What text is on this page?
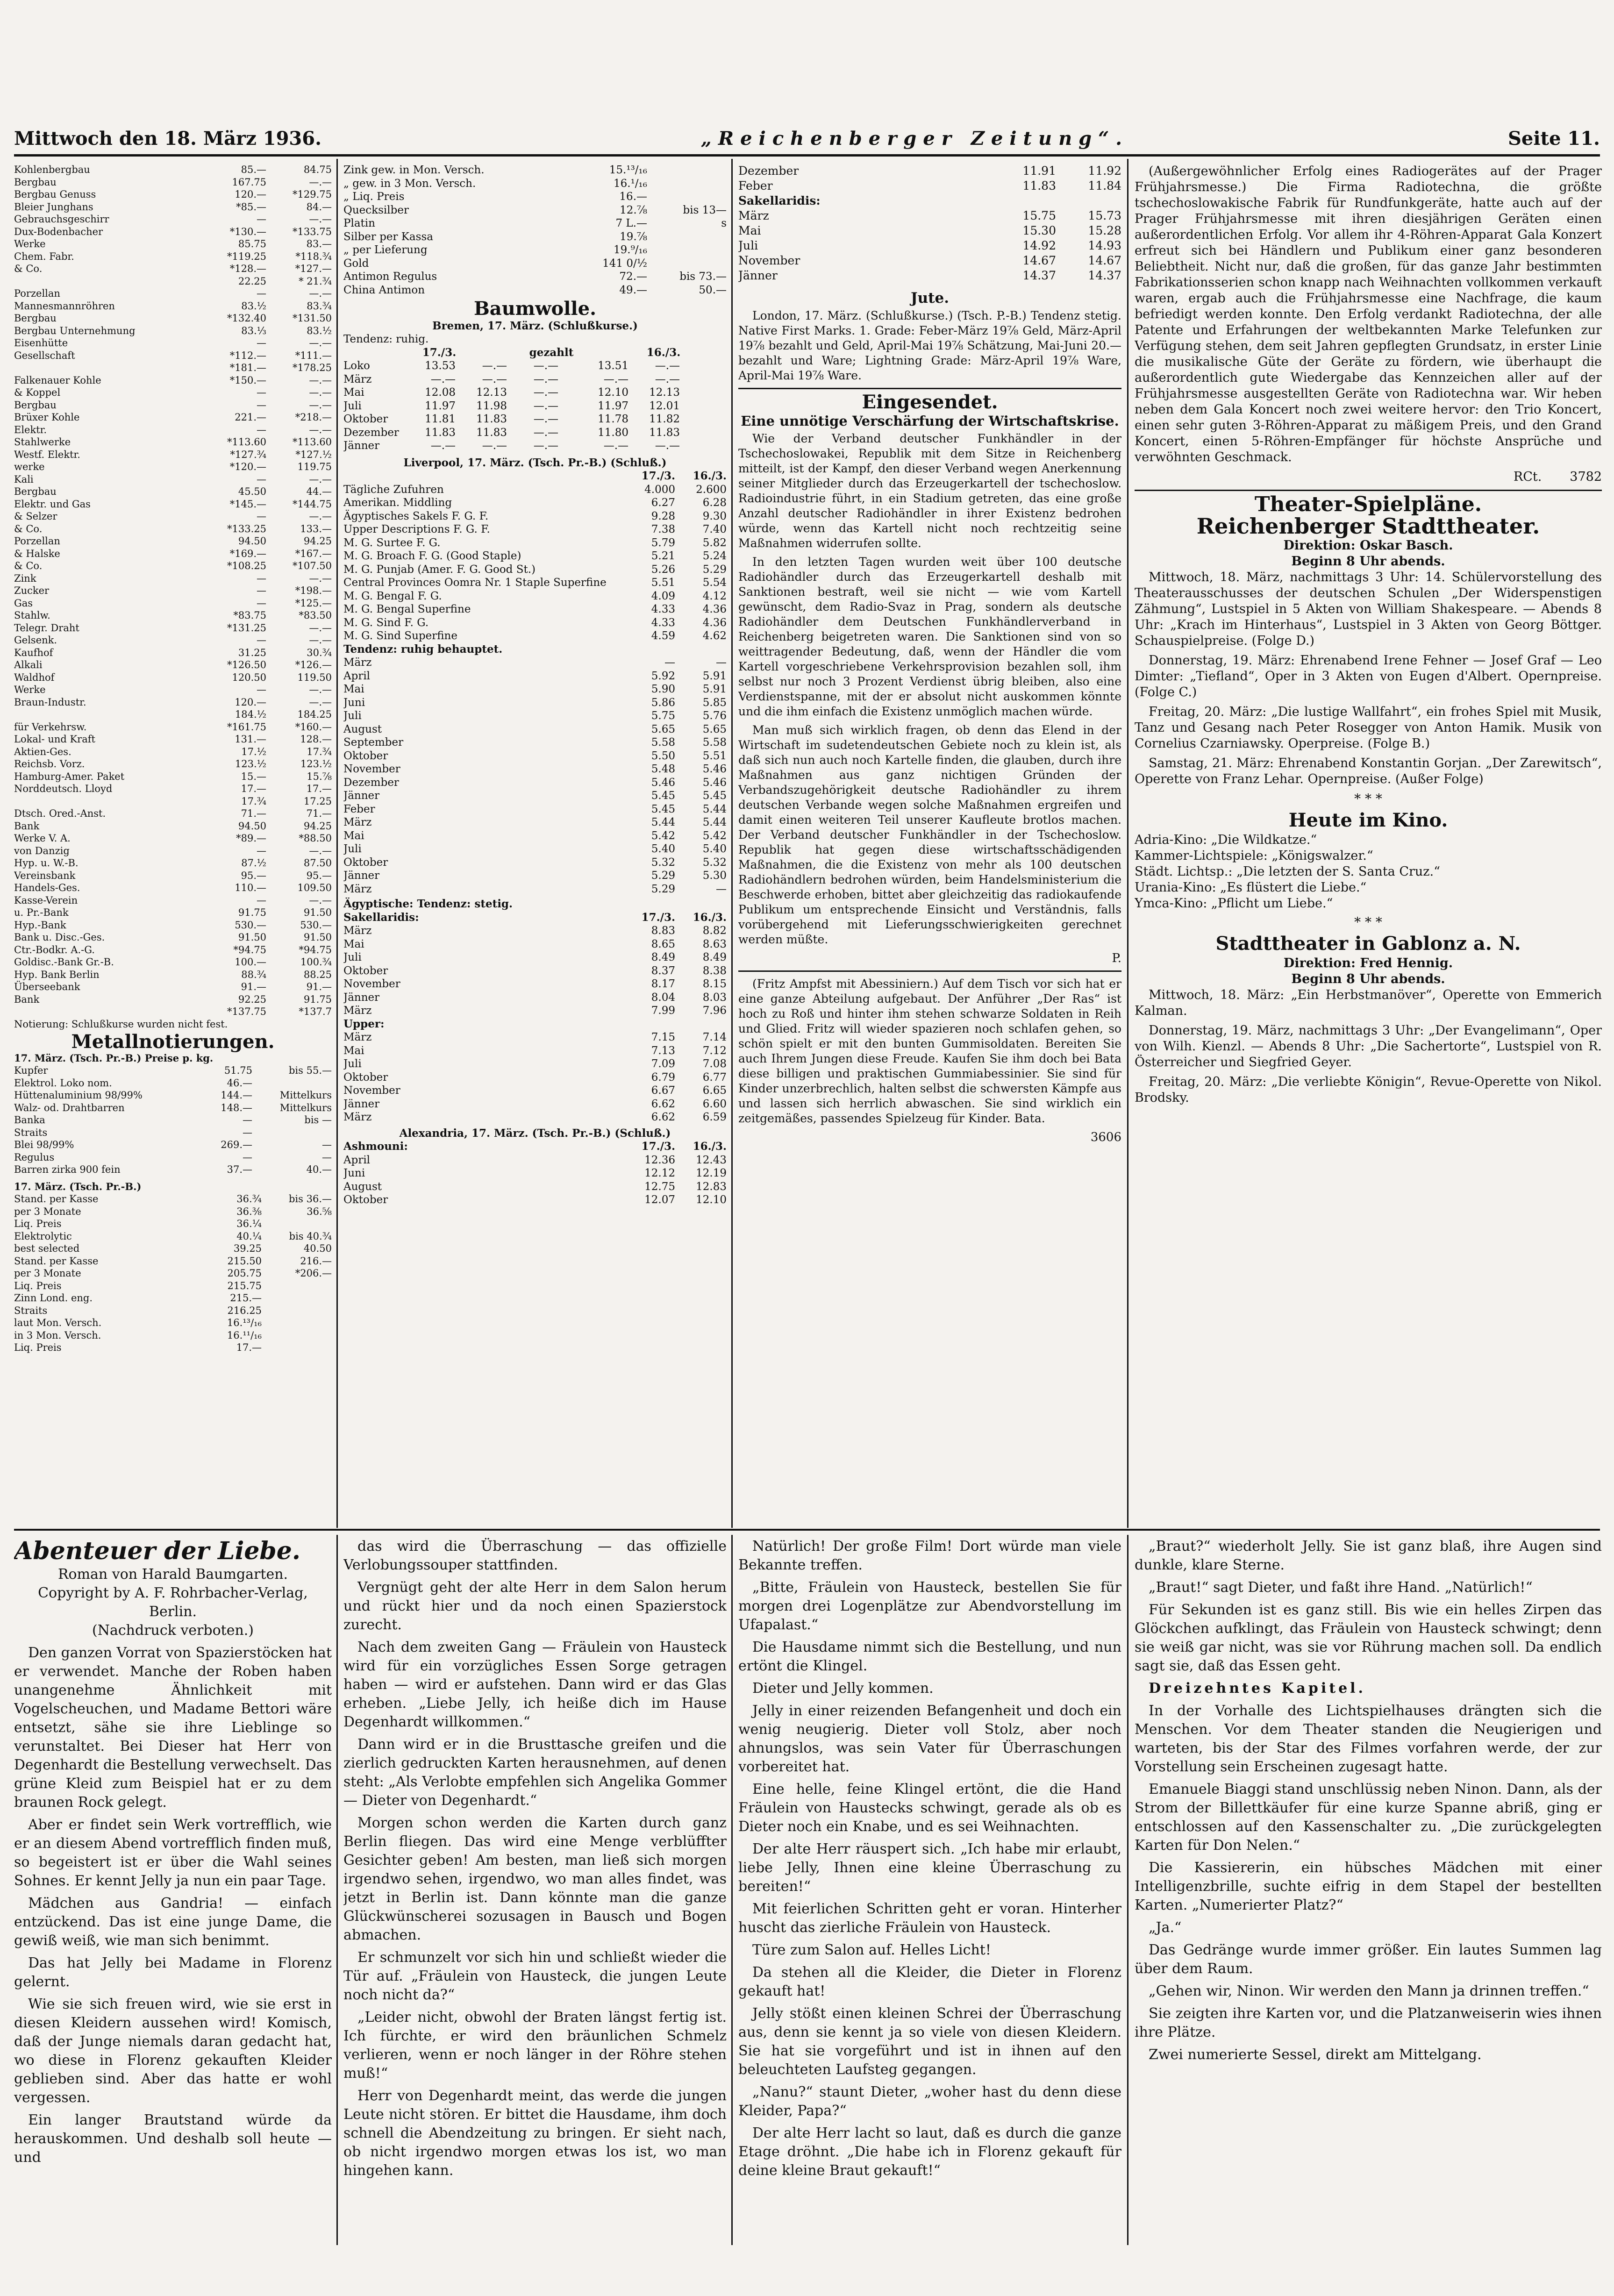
Mittwoch den 18. März 1936.	„Reichenberger Zeitung“.	Seite 11.
Kohlenbergbau	85.—	84.75
Bergbau	167.75	—.—
Bergbau Genuss	120.—	*129.75
Bleier Junghans	*85.—	84.—
Gebrauchsgeschirr	—	—.—
Dux-Bodenbacher	*130.—	*133.75
Werke	85.75	83.—
Chem. Fabr.	*119.25	*118.¾
& Co.	*128.—	*127.—
22.25	* 21.¾
Porzellan	—	—.—
Mannesmannröhren	83.½	83.¾
Bergbau	*132.40	*131.50
Bergbau Unternehmung	83.⅓	83.½
Eisenhütte	—	—.—
Gesellschaft	*112.—	*111.—
*181.—	*178.25
Falkenauer Kohle	*150.—	—.—
& Koppel	—	—.—
Bergbau	—	—.—
Brüxer Kohle	221.—	*218.—
Elektr.	—	—.—
Stahlwerke	*113.60	*113.60
Westf. Elektr.	*127.¾	*127.½
werke	*120.—	119.75
Kali	—	—.—
Bergbau	45.50	44.—
Elektr. und Gas	*145.—	*144.75
& Selzer	—	—.—
& Co.	*133.25	133.—
Porzellan	94.50	94.25
& Halske	*169.—	*167.—
& Co.	*108.25	*107.50
Zink	—	—.—
Zucker	—	*198.—
Gas	—	*125.—
Stahlw.	*83.75	*83.50
Telegr. Draht	*131.25	—.—
Gelsenk.	—	—.—
Kaufhof	31.25	30.¾
Alkali	*126.50	*126.—
Waldhof	120.50	119.50
Werke	—	—.—
Braun-Industr.	120.—	—.—
184.½	184.25
für Verkehrsw.	*161.75	*160.—
Lokal- und Kraft	131.—	128.—
Aktien-Ges.	17.½	17.¾
Reichsb. Vorz.	123.½	123.½
Hamburg-Amer. Paket	15.—	15.⅞
Norddeutsch. Lloyd	17.—	17.—
17.¾	17.25
Dtsch. Ored.-Anst.	71.—	71.—
Bank	94.50	94.25
Werke V. A.	*89.—	*88.50
von Danzig	—	—.—
Hyp. u. W.-B.	87.½	87.50
Vereinsbank	95.—	95.—
Handels-Ges.	110.—	109.50
Kasse-Verein	—	—.—
u. Pr.-Bank	91.75	91.50
Hyp.-Bank	530.—	530.—
Bank u. Disc.-Ges.	91.50	91.50
Ctr.-Bodkr. A.-G.	*94.75	*94.75
Goldisc.-Bank Gr.-B.	100.—	100.¾
Hyp. Bank Berlin	88.¾	88.25
Überseebank	91.—	91.—
Bank	92.25	91.75
*137.75	*137.7
Notierung: Schlußkurse wurden nicht fest.
Metallnotierungen.
17. März. (Tsch. Pr.-B.) Preise p. kg.
Kupfer	51.75	bis 55.—
Elektrol. Loko nom.	46.—
Hüttenaluminium 98/99%	144.—	Mittelkurs
Walz- od. Drahtbarren	148.—	Mittelkurs
Banka	—	bis —
Straits	—
Blei 98/99%	269.—	—
Regulus	—	—
Barren zirka 900 fein	37.—	40.—
17. März. (Tsch. Pr.-B.)
Stand. per Kasse	36.¾	bis 36.—
per 3 Monate	36.⅜	36.⅝
Liq. Preis	36.¼
Elektrolytic	40.¼	bis 40.¾
best selected	39.25	40.50
Stand. per Kasse	215.50	216.—
per 3 Monate	205.75	*206.—
Liq. Preis	215.75
Zinn Lond. eng.	215.—
Straits	216.25
laut Mon. Versch.	16.¹³/₁₆
in 3 Mon. Versch.	16.¹¹/₁₆
Liq. Preis	17.—
Zink gew. in Mon. Versch.	15.¹³/₁₆
„ gew. in 3 Mon. Versch.	16.¹/₁₆
„ Liq. Preis	16.—
Quecksilber	12.⅞	bis 13—
Platin	7 L.—	s
Silber per Kassa	19.⅞
„ per Lieferung	19.⁹/₁₆
Gold	141 0/½
Antimon Regulus	72.—	bis 73.—
China Antimon	49.—	50.—
Baumwolle.
Bremen, 17. März. (Schlußkurse.)
Tendenz: ruhig.
17./3.	gezahlt	16./3.
Loko	13.53	—.—	—.—	13.51	—.—
März	—.—	—.—	—.—	—.—	—.—
Mai	12.08	12.13	—.—	12.10	12.13
Juli	11.97	11.98	—.—	11.97	12.01
Oktober	11.81	11.83	—.—	11.78	11.82
Dezember	11.83	11.83	—.—	11.80	11.83
Jänner	—.—	—.—	—.—	—.—	—.—
Liverpool, 17. März. (Tsch. Pr.-B.) (Schluß.)
17./3.	16./3.
Tägliche Zufuhren	4.000	2.600
Amerikan. Middling	6.27	6.28
Ägyptisches Sakels F. G. F.	9.28	9.30
Upper Descriptions F. G. F.	7.38	7.40
M. G. Surtee F. G.	5.79	5.82
M. G. Broach F. G. (Good Staple)	5.21	5.24
M. G. Punjab (Amer. F. G. Good St.)	5.26	5.29
Central Provinces Oomra Nr. 1 Staple Superfine	5.51	5.54
M. G. Bengal F. G.	4.09	4.12
M. G. Bengal Superfine	4.33	4.36
M. G. Sind F. G.	4.33	4.36
M. G. Sind Superfine	4.59	4.62
Tendenz: ruhig behauptet.
März	—	—
April	5.92	5.91
Mai	5.90	5.91
Juni	5.86	5.85
Juli	5.75	5.76
August	5.65	5.65
September	5.58	5.58
Oktober	5.50	5.51
November	5.48	5.46
Dezember	5.46	5.46
Jänner	5.45	5.45
Feber	5.45	5.44
März	5.44	5.44
Mai	5.42	5.42
Juli	5.40	5.40
Oktober	5.32	5.32
Jänner	5.29	5.30
März	5.29	—
Ägyptische: Tendenz: stetig.
Sakellaridis:	17./3.	16./3.
März	8.83	8.82
Mai	8.65	8.63
Juli	8.49	8.49
Oktober	8.37	8.38
November	8.17	8.15
Jänner	8.04	8.03
März	7.99	7.96
Upper:
März	7.15	7.14
Mai	7.13	7.12
Juli	7.09	7.08
Oktober	6.79	6.77
November	6.67	6.65
Jänner	6.62	6.60
März	6.62	6.59
Alexandria, 17. März. (Tsch. Pr.-B.) (Schluß.)
Ashmouni:	17./3.	16./3.
April	12.36	12.43
Juni	12.12	12.19
August	12.75	12.83
Oktober	12.07	12.10
Dezember	11.91	11.92
Feber	11.83	11.84
Sakellaridis:
März	15.75	15.73
Mai	15.30	15.28
Juli	14.92	14.93
November	14.67	14.67
Jänner	14.37	14.37
Jute.

London, 17. März. (Schlußkurse.) (Tsch. P.-B.) Tendenz stetig. Native First Marks. 1. Grade: Feber-März 19⅞ Geld, März-April 19⅞ bezahlt und Geld, April-Mai 19⅞ Schätzung, Mai-Juni 20.— bezahlt und Ware; Lightning Grade: März-April 19⅞ Ware, April-Mai 19⅞ Ware.

Eingesendet.
Eine unnötige Verschärfung der Wirtschaftskrise.

Wie der Verband deutscher Funkhändler in der Tschechoslowakei, Republik mit dem Sitze in Reichenberg mitteilt, ist der Kampf, den dieser Verband wegen Anerkennung seiner Mitglieder durch das Erzeugerkartell der tschechoslow. Radioindustrie führt, in ein Stadium getreten, das eine große Anzahl deutscher Radiohändler in ihrer Existenz bedrohen würde, wenn das Kartell nicht noch rechtzeitig seine Maßnahmen widerrufen sollte.

In den letzten Tagen wurden weit über 100 deutsche Radiohändler durch das Erzeugerkartell deshalb mit Sanktionen bestraft, weil sie nicht — wie vom Kartell gewünscht, dem Radio-Svaz in Prag, sondern als deutsche Radiohändler dem Deutschen Funkhändlerverband in Reichenberg beigetreten waren. Die Sanktionen sind von so weittragender Bedeutung, daß, wenn der Händler die vom Kartell vorgeschriebene Verkehrsprovision bezahlen soll, ihm selbst nur noch 3 Prozent Verdienst übrig bleiben, also eine Verdienstspanne, mit der er absolut nicht auskommen könnte und die ihm einfach die Existenz unmöglich machen würde.

Man muß sich wirklich fragen, ob denn das Elend in der Wirtschaft im sudetendeutschen Gebiete noch zu klein ist, als daß sich nun auch noch Kartelle finden, die glauben, durch ihre Maßnahmen aus ganz nichtigen Gründen der Verbandszugehörigkeit deutsche Radiohändler zu ihrem deutschen Verbande wegen solche Maßnahmen ergreifen und damit einen weiteren Teil unserer Kaufleute brotlos machen. Der Verband deutscher Funkhändler in der Tschechoslow. Republik hat gegen diese wirtschaftsschädigenden Maßnahmen, die die Existenz von mehr als 100 deutschen Radiohändlern bedrohen würden, beim Handelsministerium die Beschwerde erhoben, bittet aber gleichzeitig das radiokaufende Publikum um entsprechende Einsicht und Verständnis, falls vorübergehend mit Lieferungsschwierigkeiten gerechnet werden müßte.

P.

(Fritz Ampfst mit Abessiniern.) Auf dem Tisch vor sich hat er eine ganze Abteilung aufgebaut. Der Anführer „Der Ras“ ist hoch zu Roß und hinter ihm stehen schwarze Soldaten in Reih und Glied. Fritz will wieder spazieren noch schlafen gehen, so schön spielt er mit den bunten Gummisoldaten. Bereiten Sie auch Ihrem Jungen diese Freude. Kaufen Sie ihm doch bei Bata diese billigen und praktischen Gummiabessinier. Sie sind für Kinder unzerbrechlich, halten selbst die schwersten Kämpfe aus und lassen sich herrlich abwaschen. Sie sind wirklich ein zeitgemäßes, passendes Spielzeug für Kinder. Bata.

3606

(Außergewöhnlicher Erfolg eines Radiogerätes auf der Prager Frühjahrsmesse.) Die Firma Radiotechna, die größte tschechoslowakische Fabrik für Rundfunkgeräte, hatte auch auf der Prager Frühjahrsmesse mit ihren diesjährigen Geräten einen außerordentlichen Erfolg. Vor allem ihr 4-Röhren-Apparat Gala Konzert erfreut sich bei Händlern und Publikum einer ganz besonderen Beliebtheit. Nicht nur, daß die großen, für das ganze Jahr bestimmten Fabrikationsserien schon knapp nach Weihnachten vollkommen verkauft waren, ergab auch die Frühjahrsmesse eine Nachfrage, die kaum befriedigt werden konnte. Den Erfolg verdankt Radiotechna, der alle Patente und Erfahrungen der weltbekannten Marke Telefunken zur Verfügung stehen, dem seit Jahren gepflegten Grundsatz, in erster Linie die musikalische Güte der Geräte zu fördern, wie überhaupt die außerordentlich gute Wiedergabe das Kennzeichen aller auf der Frühjahrsmesse ausgestellten Geräte von Radiotechna war. Wir heben neben dem Gala Koncert noch zwei weitere hervor: den Trio Koncert, einen sehr guten 3-Röhren-Apparat zu mäßigem Preis, und den Grand Koncert, einen 5-Röhren-Empfänger für höchste Ansprüche und verwöhnten Geschmack.

RCt. 3782
Theater-Spielpläne.
Reichenberger Stadttheater.
Direktion: Oskar Basch.
Beginn 8 Uhr abends.

Mittwoch, 18. März, nachmittags 3 Uhr: 14. Schülervorstellung des Theaterausschusses der deutschen Schulen „Der Widerspenstigen Zähmung“, Lustspiel in 5 Akten von William Shakespeare. — Abends 8 Uhr: „Krach im Hinterhaus“, Lustspiel in 3 Akten von Georg Böttger. Schauspielpreise. (Folge D.)

Donnerstag, 19. März: Ehrenabend Irene Fehner — Josef Graf — Leo Dimter: „Tiefland“, Oper in 3 Akten von Eugen d'Albert. Opernpreise. (Folge C.)

Freitag, 20. März: „Die lustige Wallfahrt“, ein frohes Spiel mit Musik, Tanz und Gesang nach Peter Rosegger von Anton Hamik. Musik von Cornelius Czarniawsky. Operpreise. (Folge B.)

Samstag, 21. März: Ehrenabend Konstantin Gorjan. „Der Zarewitsch“, Operette von Franz Lehar. Opernpreise. (Außer Folge)

* * *
Heute im Kino.
Adria-Kino: „Die Wildkatze.“
Kammer-Lichtspiele: „Königswalzer.“
Städt. Lichtsp.: „Die letzten der S. Santa Cruz.“
Urania-Kino: „Es flüstert die Liebe.“
Ymca-Kino: „Pflicht um Liebe.“
* * *
Stadttheater in Gablonz a. N.
Direktion: Fred Hennig.
Beginn 8 Uhr abends.

Mittwoch, 18. März: „Ein Herbstmanöver“, Operette von Emmerich Kalman.

Donnerstag, 19. März, nachmittags 3 Uhr: „Der Evangelimann“, Oper von Wilh. Kienzl. — Abends 8 Uhr: „Die Sachertorte“, Lustspiel von R. Österreicher und Siegfried Geyer.

Freitag, 20. März: „Die verliebte Königin“, Revue-Operette von Nikol. Brodsky.

Abenteuer der Liebe.
Roman von Harald Baumgarten.
Copyright by A. F. Rohrbacher-Verlag, Berlin.
(Nachdruck verboten.)

Den ganzen Vorrat von Spazierstöcken hat er verwendet. Manche der Roben haben unangenehme Ähnlichkeit mit Vogelscheuchen, und Madame Bettori wäre entsetzt, sähe sie ihre Lieblinge so verunstaltet. Bei Dieser hat Herr von Degenhardt die Bestellung verwechselt. Das grüne Kleid zum Beispiel hat er zu dem braunen Rock gelegt.

Aber er findet sein Werk vortrefflich, wie er an diesem Abend vortrefflich finden muß, so begeistert ist er über die Wahl seines Sohnes. Er kennt Jelly ja nun ein paar Tage.

Mädchen aus Gandria! — einfach entzückend. Das ist eine junge Dame, die gewiß weiß, wie man sich benimmt.

Das hat Jelly bei Madame in Florenz gelernt.

Wie sie sich freuen wird, wie sie erst in diesen Kleidern aussehen wird! Komisch, daß der Junge niemals daran gedacht hat, wo diese in Florenz gekauften Kleider geblieben sind. Aber das hatte er wohl vergessen.

Ein langer Brautstand würde da herauskommen. Und deshalb soll heute — und

das wird die Überraschung — das offizielle Verlobungssouper stattfinden.

Vergnügt geht der alte Herr in dem Salon herum und rückt hier und da noch einen Spazierstock zurecht.

Nach dem zweiten Gang — Fräulein von Hausteck wird für ein vorzügliches Essen Sorge getragen haben — wird er aufstehen. Dann wird er das Glas erheben. „Liebe Jelly, ich heiße dich im Hause Degenhardt willkommen.“

Dann wird er in die Brusttasche greifen und die zierlich gedruckten Karten herausnehmen, auf denen steht: „Als Verlobte empfehlen sich Angelika Gommer — Dieter von Degenhardt.“

Morgen schon werden die Karten durch ganz Berlin fliegen. Das wird eine Menge verblüffter Gesichter geben! Am besten, man ließ sich morgen irgendwo sehen, irgendwo, wo man alles findet, was jetzt in Berlin ist. Dann könnte man die ganze Glückwünscherei sozusagen in Bausch und Bogen abmachen.

Er schmunzelt vor sich hin und schließt wieder die Tür auf. „Fräulein von Hausteck, die jungen Leute noch nicht da?“

„Leider nicht, obwohl der Braten längst fertig ist. Ich fürchte, er wird den bräunlichen Schmelz verlieren, wenn er noch länger in der Röhre stehen muß!“

Herr von Degenhardt meint, das werde die jungen Leute nicht stören. Er bittet die Hausdame, ihm doch schnell die Abendzeitung zu bringen. Er sieht nach, ob nicht irgendwo morgen etwas los ist, wo man hingehen kann.

Natürlich! Der große Film! Dort würde man viele Bekannte treffen.

„Bitte, Fräulein von Hausteck, bestellen Sie für morgen drei Logenplätze zur Abendvorstellung im Ufapalast.“

Die Hausdame nimmt sich die Bestellung, und nun ertönt die Klingel.

Dieter und Jelly kommen.

Jelly in einer reizenden Befangenheit und doch ein wenig neugierig. Dieter voll Stolz, aber noch ahnungslos, was sein Vater für Überraschungen vorbereitet hat.

Eine helle, feine Klingel ertönt, die die Hand Fräulein von Haustecks schwingt, gerade als ob es Dieter noch ein Knabe, und es sei Weihnachten.

Der alte Herr räuspert sich. „Ich habe mir erlaubt, liebe Jelly, Ihnen eine kleine Überraschung zu bereiten!“

Mit feierlichen Schritten geht er voran. Hinterher huscht das zierliche Fräulein von Hausteck.

Türe zum Salon auf. Helles Licht!

Da stehen all die Kleider, die Dieter in Florenz gekauft hat!

Jelly stößt einen kleinen Schrei der Überraschung aus, denn sie kennt ja so viele von diesen Kleidern. Sie hat sie vorgeführt und ist in ihnen auf den beleuchteten Laufsteg gegangen.

„Nanu?“ staunt Dieter, „woher hast du denn diese Kleider, Papa?“

Der alte Herr lacht so laut, daß es durch die ganze Etage dröhnt. „Die habe ich in Florenz gekauft für deine kleine Braut gekauft!“

„Braut?“ wiederholt Jelly. Sie ist ganz blaß, ihre Augen sind dunkle, klare Sterne.

„Braut!“ sagt Dieter, und faßt ihre Hand. „Natürlich!“

Für Sekunden ist es ganz still. Bis wie ein helles Zirpen das Glöckchen aufklingt, das Fräulein von Hausteck schwingt; denn sie weiß gar nicht, was sie vor Rührung machen soll. Da endlich sagt sie, daß das Essen geht.

Dreizehntes Kapitel.

In der Vorhalle des Lichtspielhauses drängten sich die Menschen. Vor dem Theater standen die Neugierigen und warteten, bis der Star des Filmes vorfahren werde, der zur Vorstellung sein Erscheinen zugesagt hatte.

Emanuele Biaggi stand unschlüssig neben Ninon. Dann, als der Strom der Billettkäufer für eine kurze Spanne abriß, ging er entschlossen auf den Kassenschalter zu. „Die zurückgelegten Karten für Don Nelen.“

Die Kassiererin, ein hübsches Mädchen mit einer Intelligenzbrille, suchte eifrig in dem Stapel der bestellten Karten. „Numerierter Platz?“

„Ja.“

Das Gedränge wurde immer größer. Ein lautes Summen lag über dem Raum.

„Gehen wir, Ninon. Wir werden den Mann ja drinnen treffen.“

Sie zeigten ihre Karten vor, und die Platzanweiserin wies ihnen ihre Plätze.

Zwei numerierte Sessel, direkt am Mittelgang.
